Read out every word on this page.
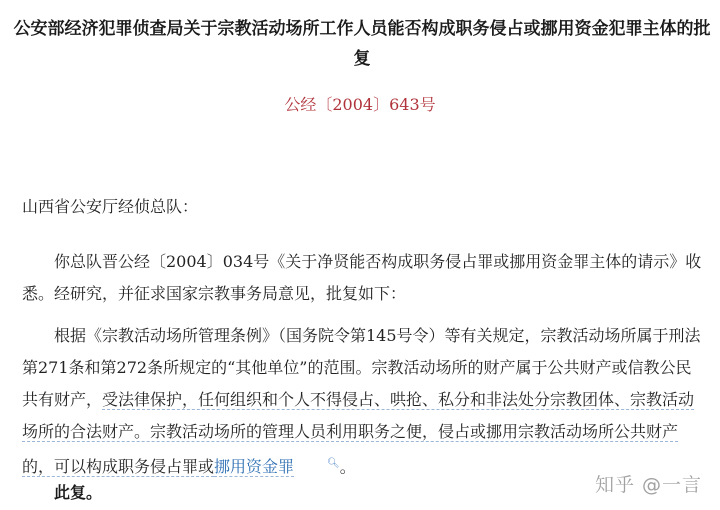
公安部经济犯罪侦查局关于宗教活动场所工作人员能否构成职务侵占或挪用资金犯罪主体的批复
公经〔2004〕643号
山西省公安厅经侦总队：
你总队晋公经〔2004〕034号《关于净贤能否构成职务侵占罪或挪用资金罪主体的请示》收悉。经研究，并征求国家宗教事务局意见，批复如下：
根据《宗教活动场所管理条例》（国务院令第145号令）等有关规定，宗教活动场所属于刑法第271条和第272条所规定的“其他单位”的范围。宗教活动场所的财产属于公共财产或信教公民共有财产，受法律保护，任何组织和个人不得侵占、哄抢、私分和非法处分宗教团体、宗教活动场所的合法财产。宗教活动场所的管理人员利用职务之便，侵占或挪用宗教活动场所公共财产的，可以构成职务侵占罪或挪用资金罪	🔍︎。
此复。	知乎 @一言
